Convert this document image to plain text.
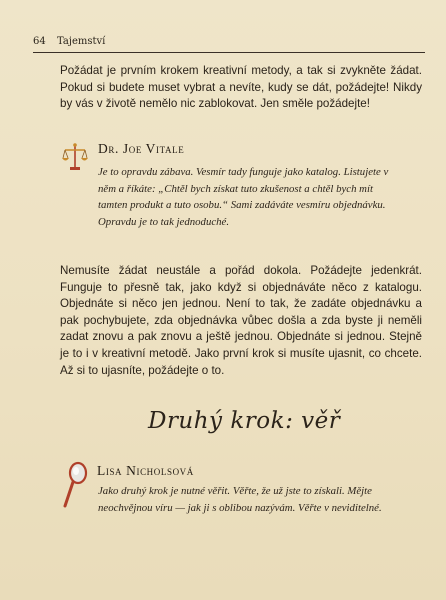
64 Tajemství
Požádat je prvním krokem kreativní metody, a tak si zvykněte žádat. Pokud si budete muset vybrat a nevíte, kudy se dát, požádejte! Nikdy by vás v životě nemělo nic zablokovat. Jen směle požádejte!
Dr. Joe Vitale
Je to opravdu zábava. Vesmír tady funguje jako katalog. Listujete v něm a říkáte: „Chtěl bych získat tuto zkušenost a chtěl bych mít tamten produkt a tuto osobu.“ Sami zadáváte vesmíru objednávku. Opravdu je to tak jednoduché.
Nemusíte žádat neustále a pořád dokola. Požádejte jedenkrát. Funguje to přesně tak, jako když si objednáváte něco z katalogu. Objednáte si něco jen jednou. Není to tak, že zadáte objednávku a pak pochybujete, zda objednávka vůbec došla a zda byste ji neměli zadat znovu a pak znovu a ještě jednou. Objednáte si jednou. Stejně je to i v kreativní metodě. Jako první krok si musíte ujasnit, co chcete. Až si to ujasníte, požádejte o to.
Druhý krok: věř
Lisa Nicholsová
Jako druhý krok je nutné věřit. Věřte, že už jste to získali. Mějte neochvějnou víru — jak ji s oblibou nazývám. Věřte v neviditelné.
